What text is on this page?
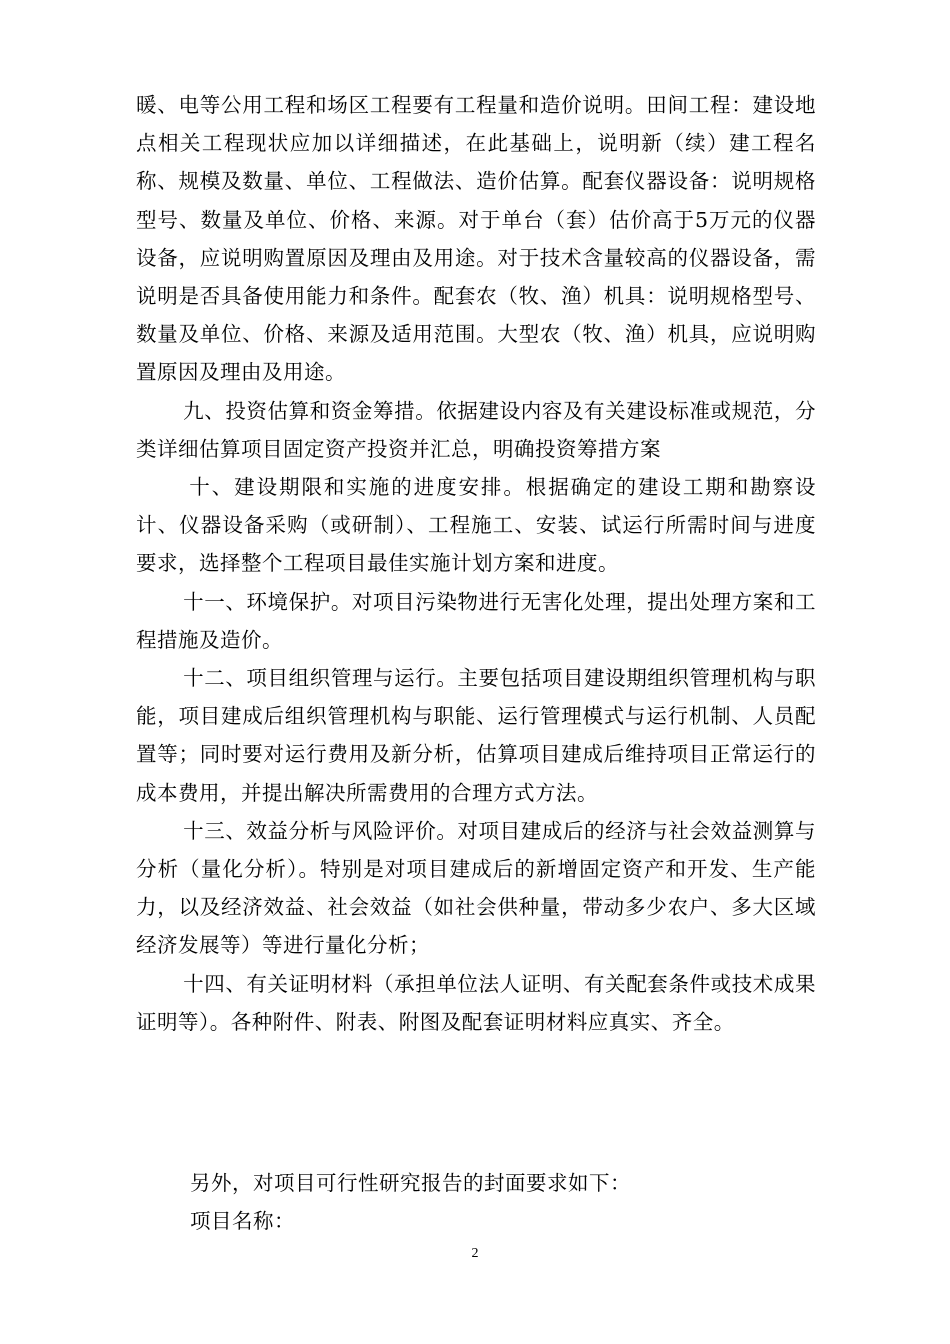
暖、电等公用工程和场区工程要有工程量和造价说明。田间工程：建设地点相关工程现状应加以详细描述，在此基础上，说明新（续）建工程名称、规模及数量、单位、工程做法、造价估算。配套仪器设备：说明规格型号、数量及单位、价格、来源。对于单台（套）估价高于5万元的仪器设备，应说明购置原因及理由及用途。对于技术含量较高的仪器设备，需说明是否具备使用能力和条件。配套农（牧、渔）机具：说明规格型号、数量及单位、价格、来源及适用范围。大型农（牧、渔）机具，应说明购置原因及理由及用途。

九、投资估算和资金筹措。依据建设内容及有关建设标准或规范，分类详细估算项目固定资产投资并汇总，明确投资筹措方案

十、建设期限和实施的进度安排。根据确定的建设工期和勘察设计、仪器设备采购（或研制）、工程施工、安装、试运行所需时间与进度要求，选择整个工程项目最佳实施计划方案和进度。

十一、环境保护。对项目污染物进行无害化处理，提出处理方案和工程措施及造价。

十二、项目组织管理与运行。主要包括项目建设期组织管理机构与职能，项目建成后组织管理机构与职能、运行管理模式与运行机制、人员配置等；同时要对运行费用及新分析，估算项目建成后维持项目正常运行的成本费用，并提出解决所需费用的合理方式方法。

十三、效益分析与风险评价。对项目建成后的经济与社会效益测算与分析（量化分析）。特别是对项目建成后的新增固定资产和开发、生产能力，以及经济效益、社会效益（如社会供种量，带动多少农户、多大区域经济发展等）等进行量化分析；

十四、有关证明材料（承担单位法人证明、有关配套条件或技术成果证明等）。各种附件、附表、附图及配套证明材料应真实、齐全。

另外，对项目可行性研究报告的封面要求如下：
项目名称：
2
